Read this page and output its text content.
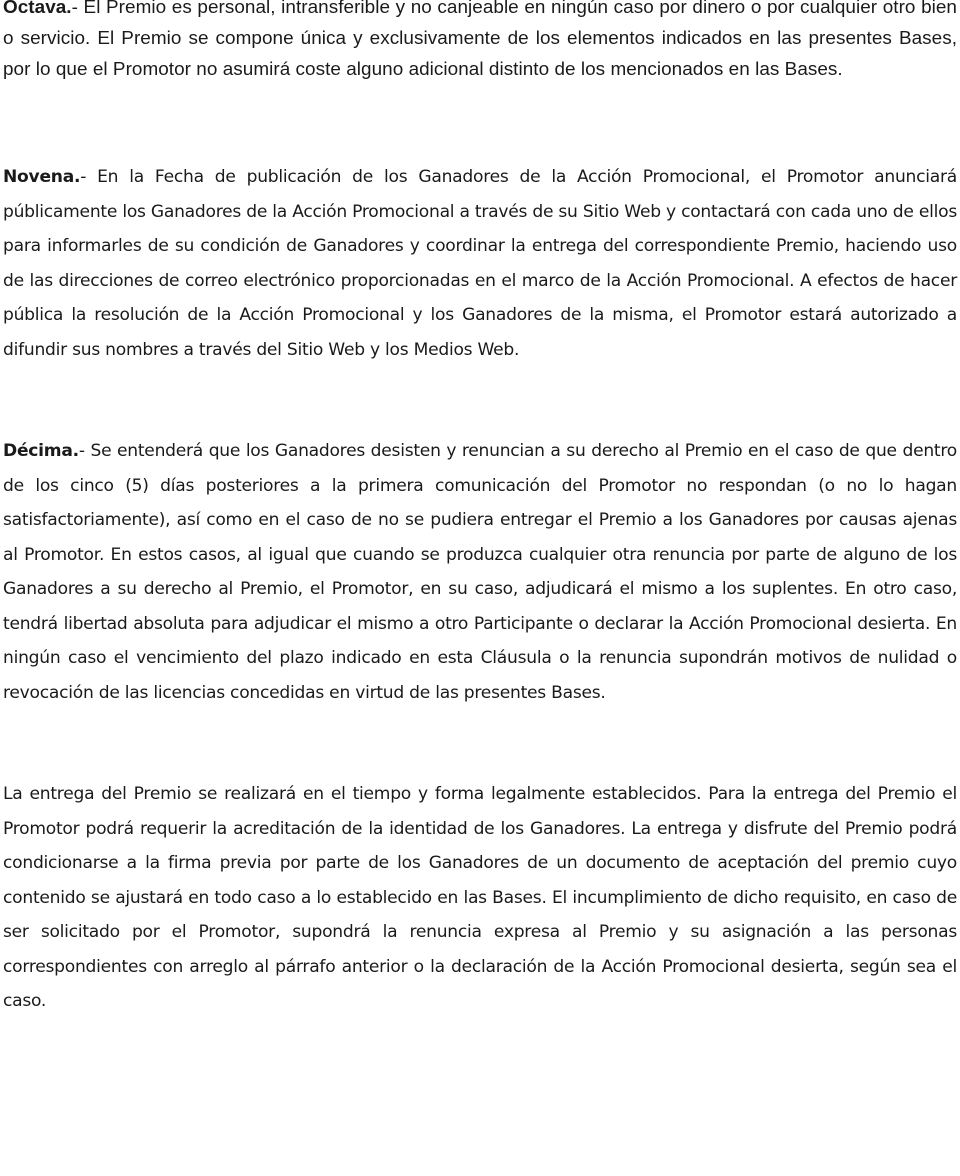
Octava.- El Premio es personal, intransferible y no canjeable en ningún caso por dinero o por cualquier otro bien o servicio. El Premio se compone única y exclusivamente de los elementos indicados en las presentes Bases, por lo que el Promotor no asumirá coste alguno adicional distinto de los mencionados en las Bases.

Novena.- En la Fecha de publicación de los Ganadores de la Acción Promocional, el Promotor anunciará públicamente los Ganadores de la Acción Promocional a través de su Sitio Web y contactará con cada uno de ellos para informarles de su condición de Ganadores y coordinar la entrega del correspondiente Premio, haciendo uso de las direcciones de correo electrónico proporcionadas en el marco de la Acción Promocional. A efectos de hacer pública la resolución de la Acción Promocional y los Ganadores de la misma, el Promotor estará autorizado a difundir sus nombres a través del Sitio Web y los Medios Web.

Décima.- Se entenderá que los Ganadores desisten y renuncian a su derecho al Premio en el caso de que dentro de los cinco (5) días posteriores a la primera comunicación del Promotor no respondan (o no lo hagan satisfactoriamente), así como en el caso de no se pudiera entregar el Premio a los Ganadores por causas ajenas al Promotor. En estos casos, al igual que cuando se produzca cualquier otra renuncia por parte de alguno de los Ganadores a su derecho al Premio, el Promotor, en su caso, adjudicará el mismo a los suplentes. En otro caso, tendrá libertad absoluta para adjudicar el mismo a otro Participante o declarar la Acción Promocional desierta. En ningún caso el vencimiento del plazo indicado en esta Cláusula o la renuncia supondrán motivos de nulidad o revocación de las licencias concedidas en virtud de las presentes Bases.

La entrega del Premio se realizará en el tiempo y forma legalmente establecidos. Para la entrega del Premio el Promotor podrá requerir la acreditación de la identidad de los Ganadores. La entrega y disfrute del Premio podrá condicionarse a la firma previa por parte de los Ganadores de un documento de aceptación del premio cuyo contenido se ajustará en todo caso a lo establecido en las Bases. El incumplimiento de dicho requisito, en caso de ser solicitado por el Promotor, supondrá la renuncia expresa al Premio y su asignación a las personas correspondientes con arreglo al párrafo anterior o la declaración de la Acción Promocional desierta, según sea el caso.
